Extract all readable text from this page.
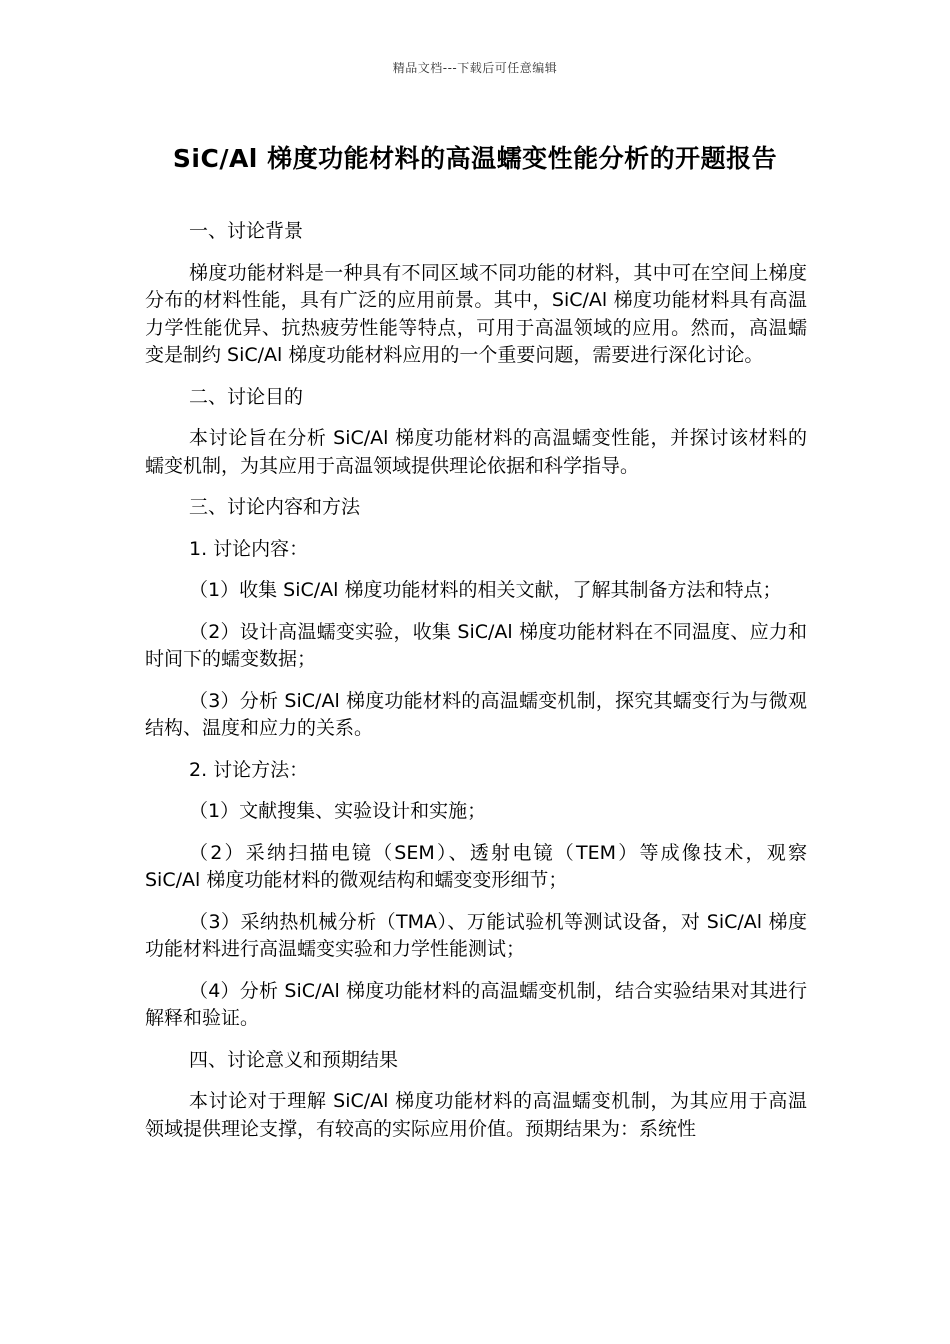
精品文档---下载后可任意编辑
SiC/Al 梯度功能材料的高温蠕变性能分析的开题报告

一、讨论背景

梯度功能材料是一种具有不同区域不同功能的材料，其中可在空间上梯度分布的材料性能，具有广泛的应用前景。其中，SiC/Al 梯度功能材料具有高温力学性能优异、抗热疲劳性能等特点，可用于高温领域的应用。然而，高温蠕变是制约 SiC/Al 梯度功能材料应用的一个重要问题，需要进行深化讨论。

二、讨论目的

本讨论旨在分析 SiC/Al 梯度功能材料的高温蠕变性能，并探讨该材料的蠕变机制，为其应用于高温领域提供理论依据和科学指导。

三、讨论内容和方法

1. 讨论内容：

（1）收集 SiC/Al 梯度功能材料的相关文献，了解其制备方法和特点；

（2）设计高温蠕变实验，收集 SiC/Al 梯度功能材料在不同温度、应力和时间下的蠕变数据；

（3）分析 SiC/Al 梯度功能材料的高温蠕变机制，探究其蠕变行为与微观结构、温度和应力的关系。

2. 讨论方法：

（1）文献搜集、实验设计和实施；

（2）采纳扫描电镜（SEM）、透射电镜（TEM）等成像技术，观察 SiC/Al 梯度功能材料的微观结构和蠕变变形细节；

（3）采纳热机械分析（TMA）、万能试验机等测试设备，对 SiC/Al 梯度功能材料进行高温蠕变实验和力学性能测试；

（4）分析 SiC/Al 梯度功能材料的高温蠕变机制，结合实验结果对其进行解释和验证。

四、讨论意义和预期结果

本讨论对于理解 SiC/Al 梯度功能材料的高温蠕变机制，为其应用于高温领域提供理论支撑，有较高的实际应用价值。预期结果为：系统性
